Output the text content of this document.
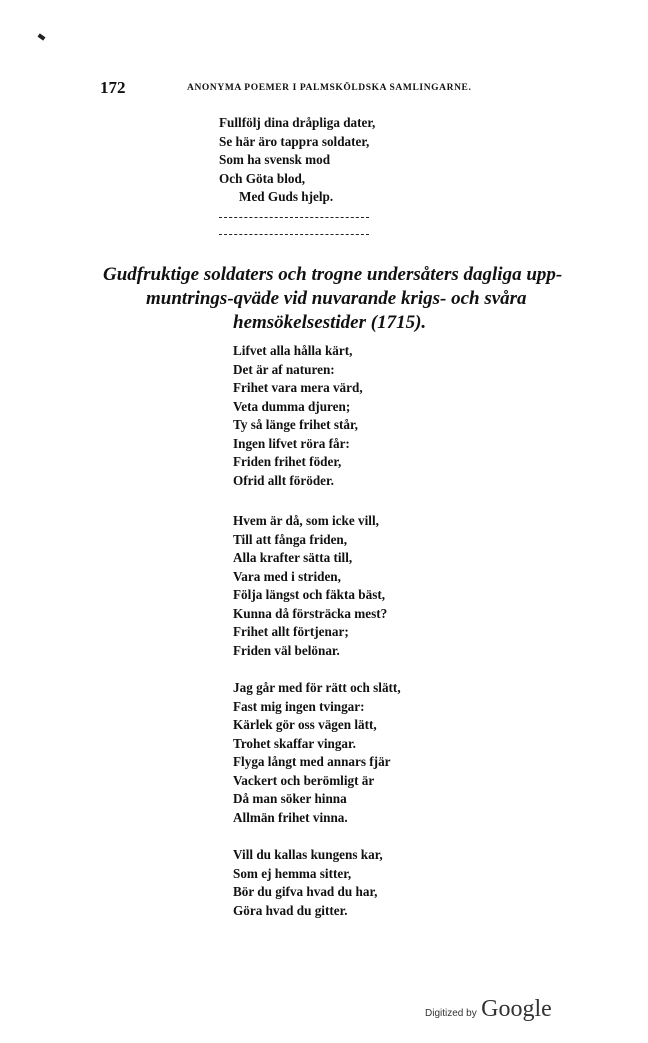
172	ANONYMA POEMER I PALMSKÖLDSKA SAMLINGARNE.
Fullfölj dina dråpliga dater,
Se här äro tappra soldater,
Som ha svensk mod
Och Göta blod,
Med Guds hjelp.
Gudfruktige soldaters och trogne undersåters dagliga upp-
muntrings-qväde vid nuvarande krigs- och svåra
hemsökelsestider (1715).
Lifvet alla hålla kärt,
Det är af naturen:
Frihet vara mera värd,
Veta dumma djuren;
Ty så länge frihet står,
Ingen lifvet röra får:
Friden frihet föder,
Ofrid allt föröder.
Hvem är då, som icke vill,
Till att fånga friden,
Alla krafter sätta till,
Vara med i striden,
Följa längst och fäkta bäst,
Kunna då försträcka mest?
Frihet allt förtjenar;
Friden väl belönar.
Jag går med för rätt och slätt,
Fast mig ingen tvingar:
Kärlek gör oss vägen lätt,
Trohet skaffar vingar.
Flyga långt med annars fjär
Vackert och berömligt är
Då man söker hinna
Allmän frihet vinna.
Vill du kallas kungens kar,
Som ej hemma sitter,
Bör du gifva hvad du har,
Göra hvad du gitter.
Digitized by Google
